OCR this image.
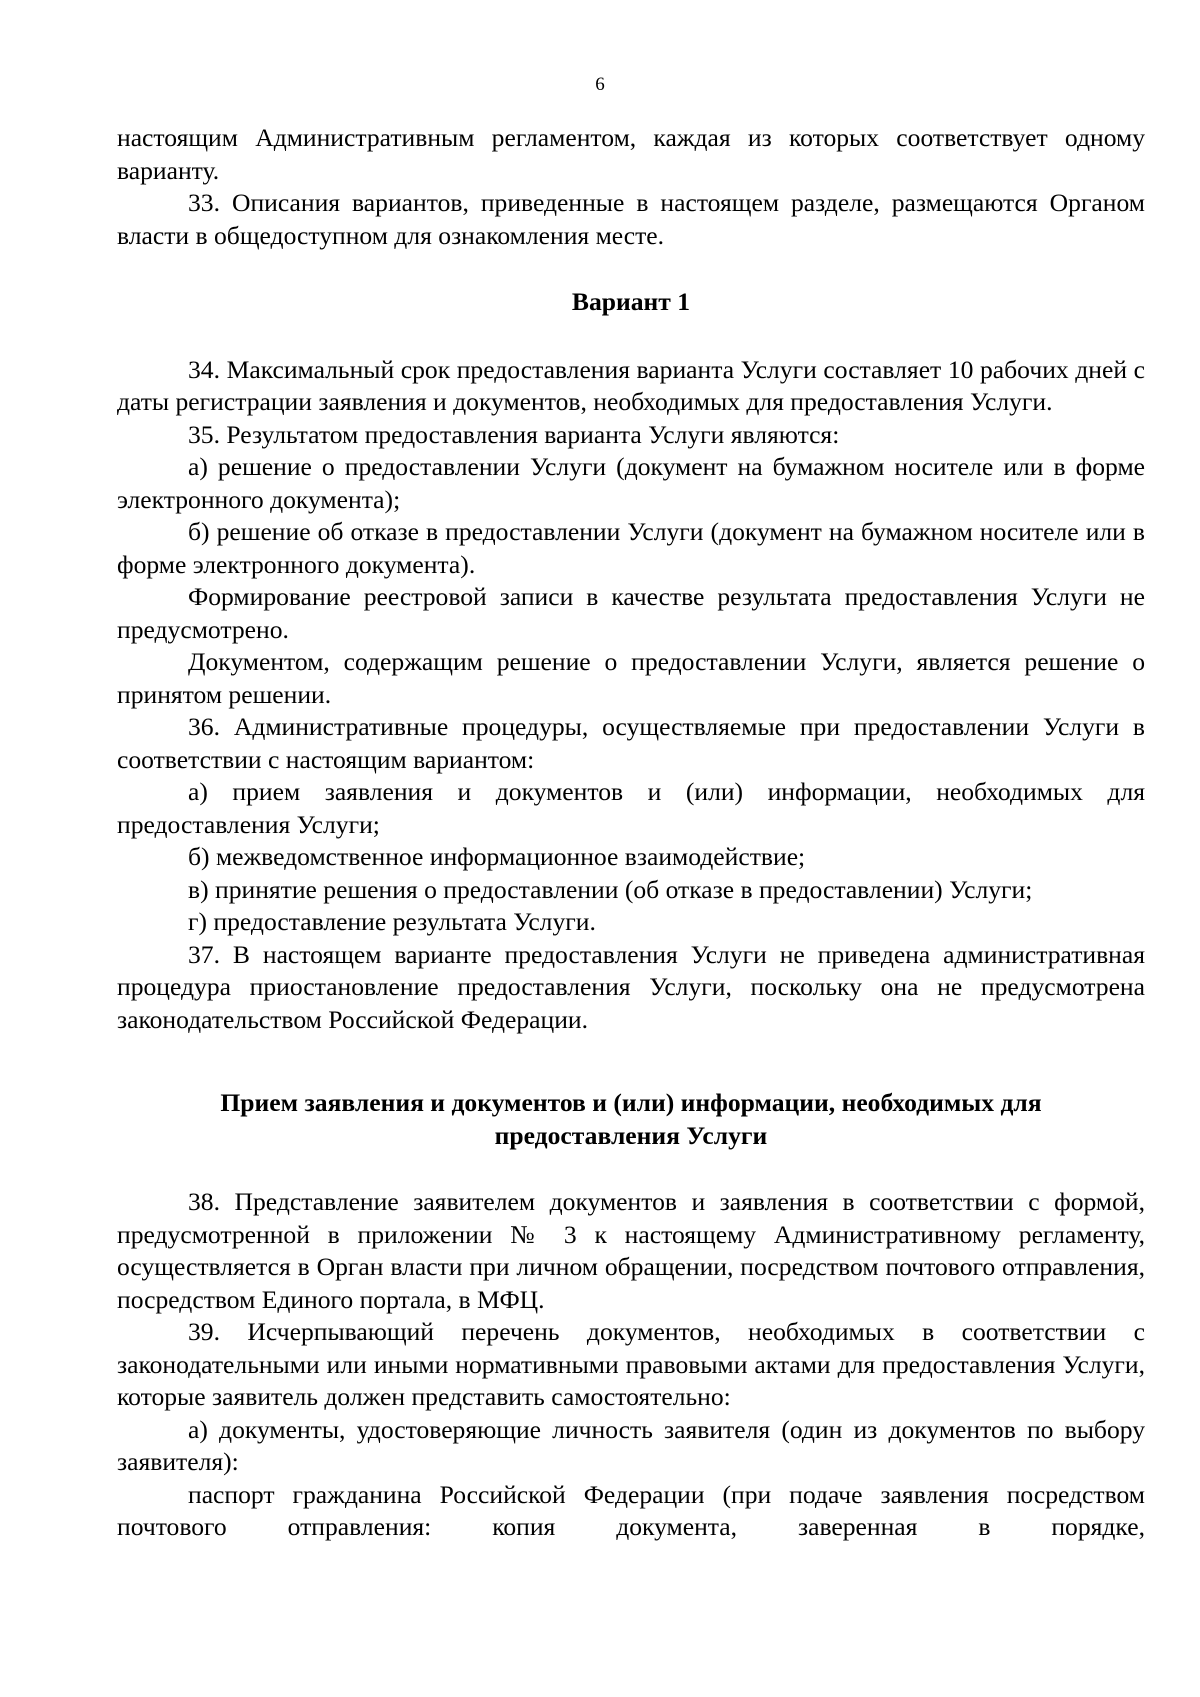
6

настоящим Административным регламентом, каждая из которых соответствует одному варианту.

33. Описания вариантов, приведенные в настоящем разделе, размещаются Органом власти в общедоступном для ознакомления месте.

Вариант 1

34. Максимальный срок предоставления варианта Услуги составляет 10 рабочих дней с даты регистрации заявления и документов, необходимых для предоставления Услуги.

35. Результатом предоставления варианта Услуги являются:

а) решение о предоставлении Услуги (документ на бумажном носителе или в форме электронного документа);

б) решение об отказе в предоставлении Услуги (документ на бумажном носителе или в форме электронного документа).

Формирование реестровой записи в качестве результата предоставления Услуги не предусмотрено.

Документом, содержащим решение о предоставлении Услуги, является решение о принятом решении.

36. Административные процедуры, осуществляемые при предоставлении Услуги в соответствии с настоящим вариантом:

а) прием заявления и документов и (или) информации, необходимых для предоставления Услуги;

б) межведомственное информационное взаимодействие;

в) принятие решения о предоставлении (об отказе в предоставлении) Услуги;

г) предоставление результата Услуги.

37. В настоящем варианте предоставления Услуги не приведена административная процедура приостановление предоставления Услуги, поскольку она не предусмотрена законодательством Российской Федерации.

Прием заявления и документов и (или) информации, необходимых для
предоставления Услуги

38. Представление заявителем документов и заявления в соответствии с формой, предусмотренной в приложении № 3 к настоящему Административному регламенту, осуществляется в Орган власти при личном обращении, посредством почтового отправления, посредством Единого портала, в МФЦ.

39. Исчерпывающий перечень документов, необходимых в соответствии с законодательными или иными нормативными правовыми актами для предоставления Услуги, которые заявитель должен представить самостоятельно:

а) документы, удостоверяющие личность заявителя (один из документов по выбору заявителя):

паспорт гражданина Российской Федерации (при подаче заявления посредством почтового отправления: копия документа, заверенная в порядке,
